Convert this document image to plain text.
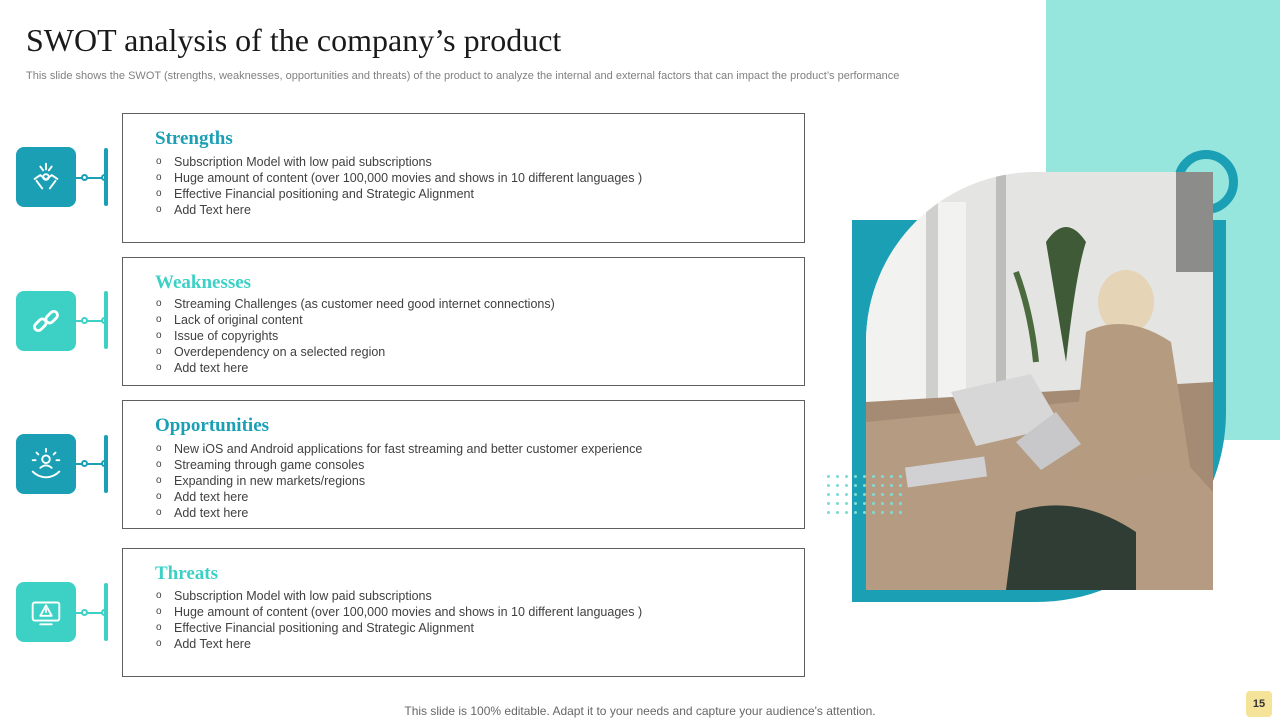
SWOT analysis of the company’s product
This slide shows the SWOT (strengths, weaknesses, opportunities and threats) of the product to analyze the internal and external factors that can impact the product’s performance
Strengths
o Subscription Model with low paid subscriptions
o Huge amount of content (over 100,000 movies and shows in 10 different languages )
o Effective Financial positioning and Strategic Alignment
o Add Text here
Weaknesses
o Streaming Challenges (as customer need good internet connections)
o Lack of original content
o Issue of copyrights
o Overdependency on a selected region
o Add text here
Opportunities
o New iOS and Android applications for fast streaming and better customer experience
o Streaming through game consoles
o Expanding in new markets/regions
o Add text here
o Add text here
Threats
o Subscription Model with low paid subscriptions
o Huge amount of content (over 100,000 movies and shows in 10 different languages )
o Effective Financial positioning and Strategic Alignment
o Add Text here
This slide is 100% editable. Adapt it to your needs and capture your audience's attention.	15
